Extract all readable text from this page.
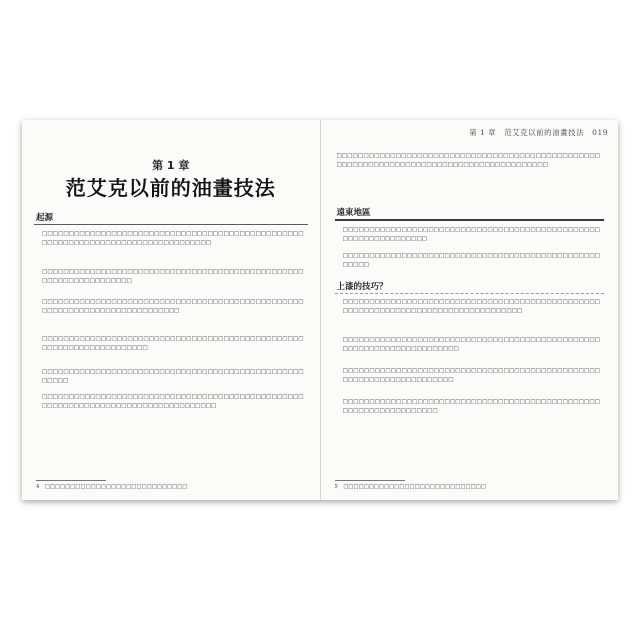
第 1 章
范艾克以前的油畫技法
起源
□□□□□□□□□□□□□□□□□□□□□□□□□□□□□□□□□□□□□□□□□□□□□□□□□□□□□□□□□□□□□□□□□□□□□□□□□□□□□□□□□
□□□□□□□□□□□□□□□□□□□□□□□□□□□□□□□□□□□□□□□□□□□□□□□□□□□□□□□□□□□□□□□□□□
□□□□□□□□□□□□□□□□□□□□□□□□□□□□□□□□□□□□□□□□□□□□□□□□□□□□□□□□□□□□□□□□□□□□□□□□□□□
□□□□□□□□□□□□□□□□□□□□□□□□□□□□□□□□□□□□□□□□□□□□□□□□□□□□□□□□□□□□□□□□□□□□□
□□□□□□□□□□□□□□□□□□□□□□□□□□□□□□□□□□□□□□□□□□□□□□□□□□□□□□
□□□□□□□□□□□□□□□□□□□□□□□□□□□□□□□□□□□□□□□□□□□□□□□□□□□□□□□□□□□□□□□□□□□□□□□□□□□□□□□□□□
4　□□□□□□□□□□□□□□□□□□□□□□□□□□□□
第 1 章　范艾克以前的油畫技法　019
□□□□□□□□□□□□□□□□□□□□□□□□□□□□□□□□□□□□□□□□□□□□□□□□□□□□□□□□□□□□□□□□□□□□□□□□□□□□□□□□□□□□□□□□□
遠東地區
□□□□□□□□□□□□□□□□□□□□□□□□□□□□□□□□□□□□□□□□□□□□□□□□□□□□□□□□□□□□□□□□
□□□□□□□□□□□□□□□□□□□□□□□□□□□□□□□□□□□□□□□□□□□□□□□□□□□□□
上漆的技巧？
□□□□□□□□□□□□□□□□□□□□□□□□□□□□□□□□□□□□□□□□□□□□□□□□□□□□□□□□□□□□□□□□□□□□□□□□□□□□□□□□□□
□□□□□□□□□□□□□□□□□□□□□□□□□□□□□□□□□□□□□□□□□□□□□□□□□□□□□□□□□□□□□□□□□□□□□□
□□□□□□□□□□□□□□□□□□□□□□□□□□□□□□□□□□□□□□□□□□□□□□□□□□□□□□□□□□□□□□□□□□□□□
□□□□□□□□□□□□□□□□□□□□□□□□□□□□□□□□□□□□□□□□□□□□□□□□□□□□□□□□□□□□□□□□□□
5　□□□□□□□□□□□□□□□□□□□□□□□□□□□□
